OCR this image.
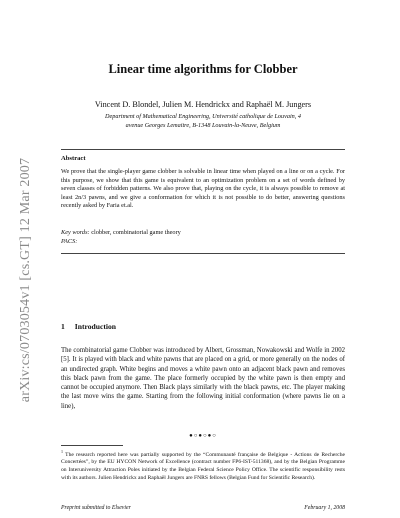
arXiv:cs/0703054v1 [cs.GT] 12 Mar 2007
Linear time algorithms for Clobber
Vincent D. Blondel, Julien M. Hendrickx and Raphaël M. Jungers
Department of Mathematical Engineering, Université catholique de Louvain, 4
avenue Georges Lemaitre, B-1348 Louvain-la-Neuve, Belgium
Abstract
We prove that the single-player game clobber is solvable in linear time when played on a line or on a cycle. For this purpose, we show that this game is equivalent to an optimization problem on a set of words defined by seven classes of forbidden patterns. We also prove that, playing on the cycle, it is always possible to remove at least 2n/3 pawns, and we give a conformation for which it is not possible to do better, answering questions recently asked by Faria et.al.
Key words: clobber, combinatorial game theory
PACS:
1 Introduction
The combinatorial game Clobber was introduced by Albert, Grossman, Nowakowski and Wolfe in 2002 [5]. It is played with black and white pawns that are placed on a grid, or more generally on the nodes of an undirected graph. White begins and moves a white pawn onto an adjacent black pawn and removes this black pawn from the game. The place formerly occupied by the white pawn is then empty and cannot be occupied anymore. Then Black plays similarly with the black pawns, etc. The player making the last move wins the game. Starting from the following initial conformation (where pawns lie on a line),
●○●○●○
$^1$ The research reported here was partially supported by the “Communauté française de Belgique - Actions de Recherche Concertées”, by the EU HYCON Network of Excellence (contract number FP6-IST-511368), and by the Belgian Programme on Interuniversity Attraction Poles initiated by the Belgian Federal Science Policy Office. The scientific responsibility rests with its authors. Julien Hendrickx and Raphaël Jungers are FNRS fellows (Belgian Fund for Scientific Research).
Preprint submitted to Elsevier	February 1, 2008
